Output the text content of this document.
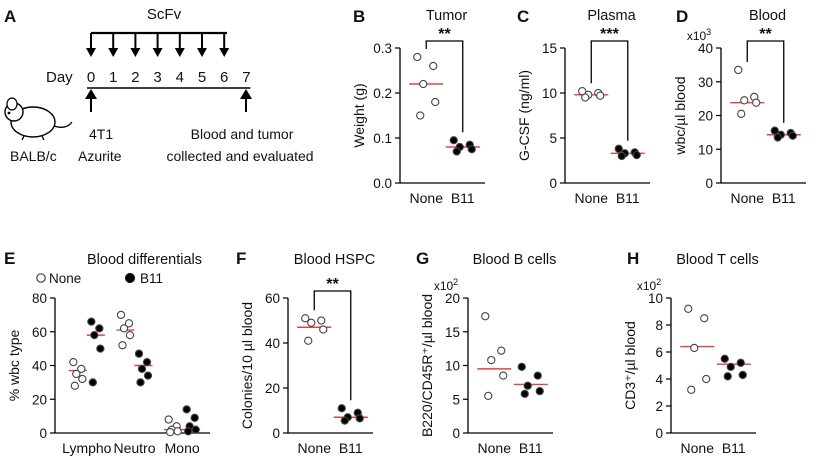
A	ScFv
Day 0 1 2 3 4 5 6 7
BALB/c
4T1
Azurite
Blood and tumor
collected and evaluated
B	Tumor
0.0
0.1
0.2
0.3
Weight (g)
None B11
**
C	Plasma
0
5
10
15
G-CSF (ng/ml)
None B11
***
D	Blood
0
10
20
30
40
$x10^3$
wbc/µl blood
None B11
**
E	Blood differentials
0
20
40
60
80
% wbc type
Lympho Neutro Mono
None	B11
F	Blood HSPC
0
20
40
60
Colonies/10 µl blood
None B11
**
G	Blood B cells
0
5
10
15
20
$x10^2$
B220/CD45R⁺/µl blood
None B11
H	Blood T cells
0
2
4
6
8
10
$x10^2$
CD3⁺/µl blood
None B11
